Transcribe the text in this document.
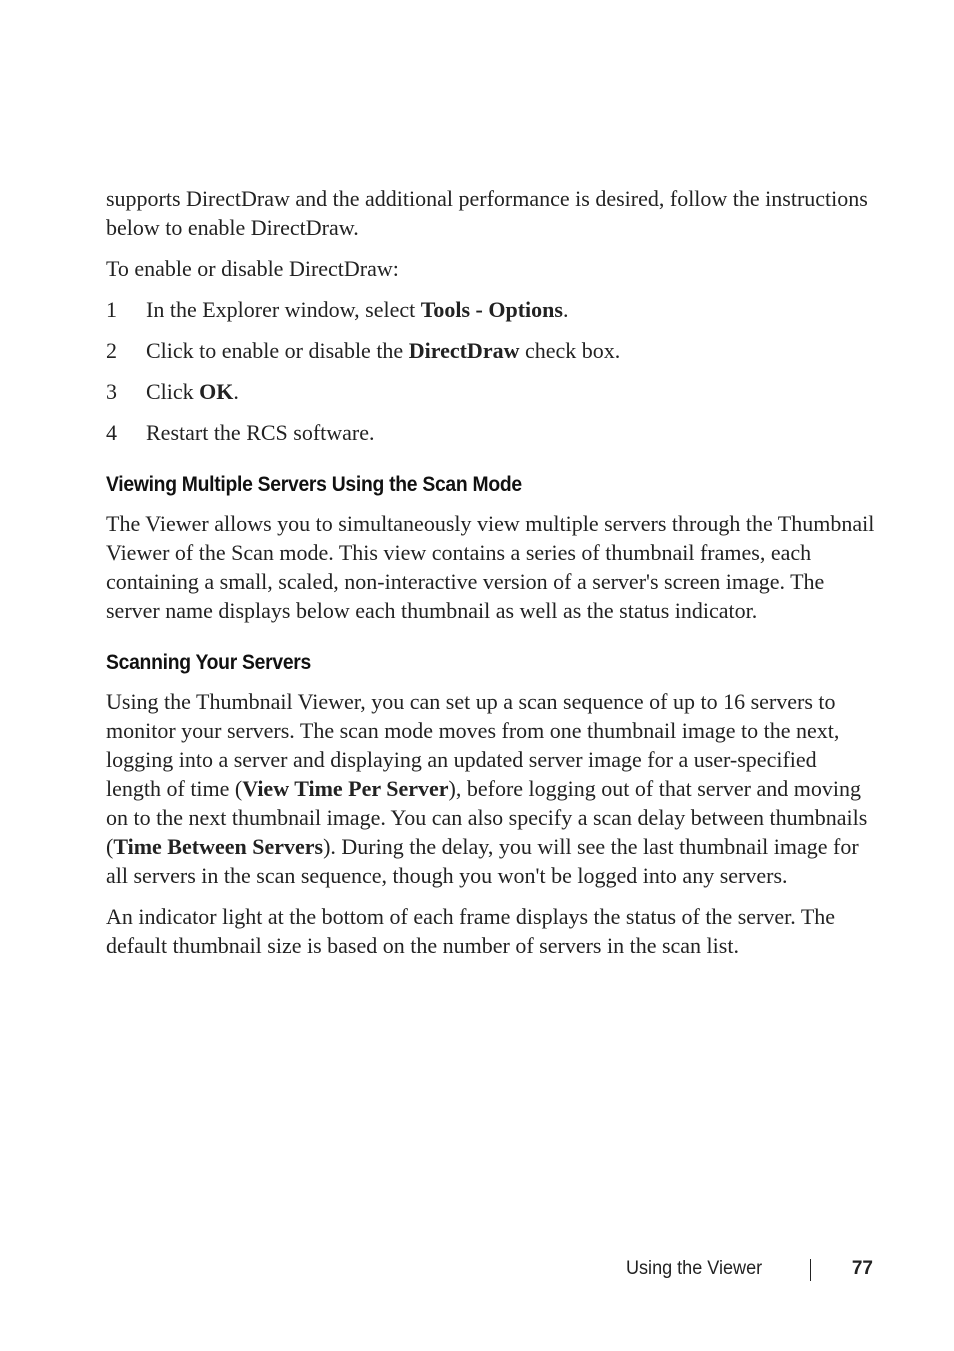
supports DirectDraw and the additional performance is desired, follow the instructions below to enable DirectDraw.

To enable or disable DirectDraw:

1	In the Explorer window, select Tools - Options.
2	Click to enable or disable the DirectDraw check box.
3	Click OK.
4	Restart the RCS software.
Viewing Multiple Servers Using the Scan Mode

The Viewer allows you to simultaneously view multiple servers through the Thumbnail Viewer of the Scan mode. This view contains a series of thumbnail frames, each containing a small, scaled, non-interactive version of a server's screen image. The server name displays below each thumbnail as well as the status indicator.

Scanning Your Servers

Using the Thumbnail Viewer, you can set up a scan sequence of up to 16 servers to monitor your servers. The scan mode moves from one thumbnail image to the next, logging into a server and displaying an updated server image for a user-specified length of time (View Time Per Server), before logging out of that server and moving on to the next thumbnail image. You can also specify a scan delay between thumbnails (Time Between Servers). During the delay, you will see the last thumbnail image for all servers in the scan sequence, though you won't be logged into any servers.

An indicator light at the bottom of each frame displays the status of the server. The default thumbnail size is based on the number of servers in the scan list.

Using the Viewer	77
